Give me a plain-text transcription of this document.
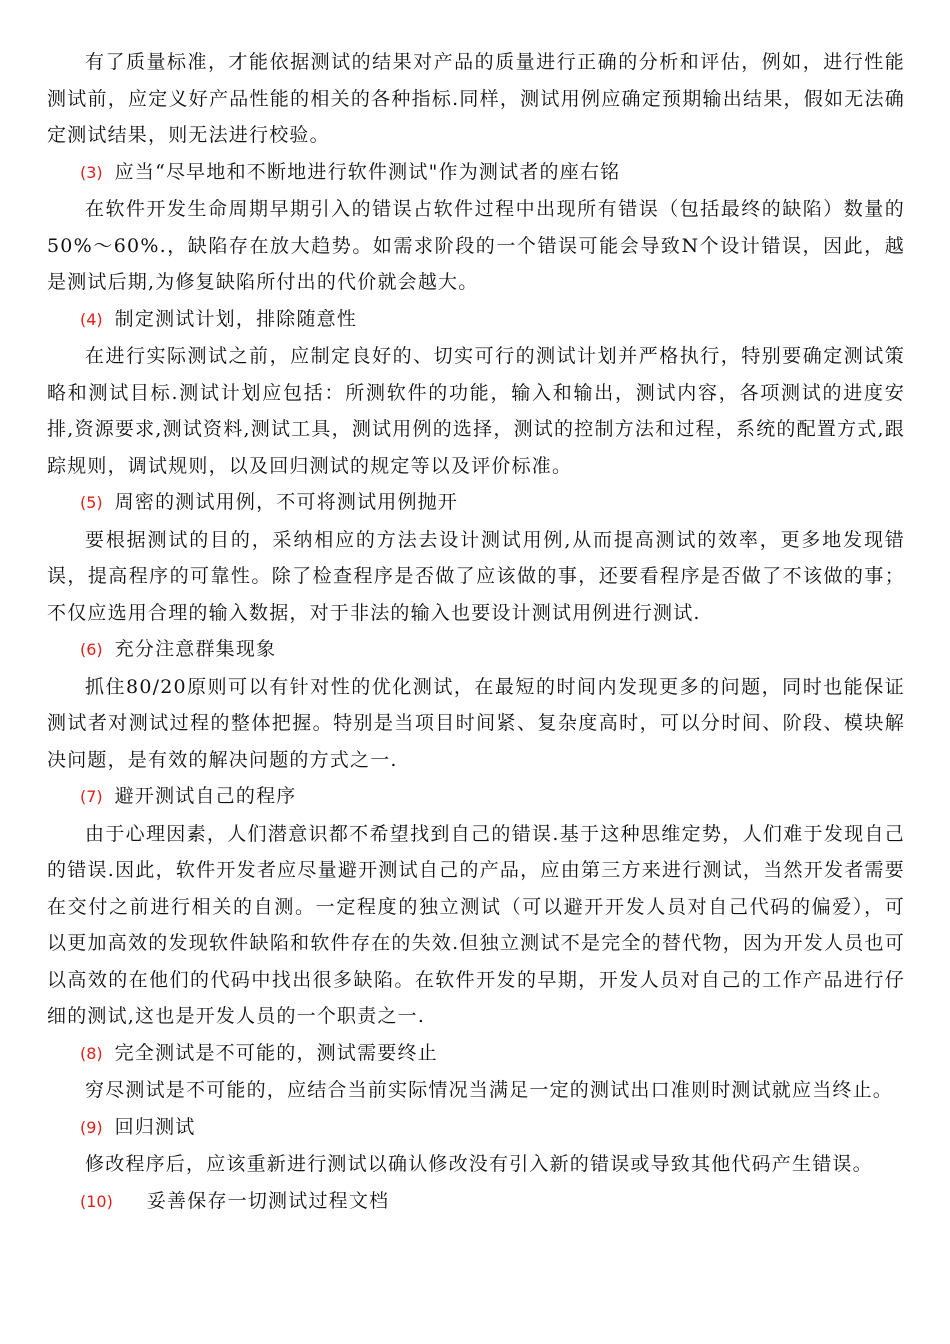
有了质量标准，才能依据测试的结果对产品的质量进行正确的分析和评估，例如，进行性能测试前，应定义好产品性能的相关的各种指标.同样，测试用例应确定预期输出结果，假如无法确定测试结果，则无法进行校验。

(3) 应当“尽早地和不断地进行软件测试"作为测试者的座右铭

在软件开发生命周期早期引入的错误占软件过程中出现所有错误（包括最终的缺陷）数量的50%～60%.，缺陷存在放大趋势。如需求阶段的一个错误可能会导致N个设计错误，因此，越是测试后期,为修复缺陷所付出的代价就会越大。

(4) 制定测试计划，排除随意性

在进行实际测试之前，应制定良好的、切实可行的测试计划并严格执行，特别要确定测试策略和测试目标.测试计划应包括：所测软件的功能，输入和输出，测试内容，各项测试的进度安排,资源要求,测试资料,测试工具，测试用例的选择，测试的控制方法和过程，系统的配置方式,跟踪规则，调试规则，以及回归测试的规定等以及评价标准。

(5) 周密的测试用例，不可将测试用例抛开

要根据测试的目的，采纳相应的方法去设计测试用例,从而提高测试的效率，更多地发现错误，提高程序的可靠性。除了检查程序是否做了应该做的事，还要看程序是否做了不该做的事；不仅应选用合理的输入数据，对于非法的输入也要设计测试用例进行测试.

(6) 充分注意群集现象

抓住80/20原则可以有针对性的优化测试，在最短的时间内发现更多的问题，同时也能保证测试者对测试过程的整体把握。特别是当项目时间紧、复杂度高时，可以分时间、阶段、模块解决问题，是有效的解决问题的方式之一.

(7) 避开测试自己的程序

由于心理因素，人们潜意识都不希望找到自己的错误.基于这种思维定势，人们难于发现自己的错误.因此，软件开发者应尽量避开测试自己的产品，应由第三方来进行测试，当然开发者需要在交付之前进行相关的自测。一定程度的独立测试（可以避开开发人员对自己代码的偏爱），可以更加高效的发现软件缺陷和软件存在的失效.但独立测试不是完全的替代物，因为开发人员也可以高效的在他们的代码中找出很多缺陷。在软件开发的早期，开发人员对自己的工作产品进行仔细的测试,这也是开发人员的一个职责之一.

(8) 完全测试是不可能的，测试需要终止

穷尽测试是不可能的，应结合当前实际情况当满足一定的测试出口准则时测试就应当终止。

(9) 回归测试

修改程序后，应该重新进行测试以确认修改没有引入新的错误或导致其他代码产生错误。

(10) 妥善保存一切测试过程文档
